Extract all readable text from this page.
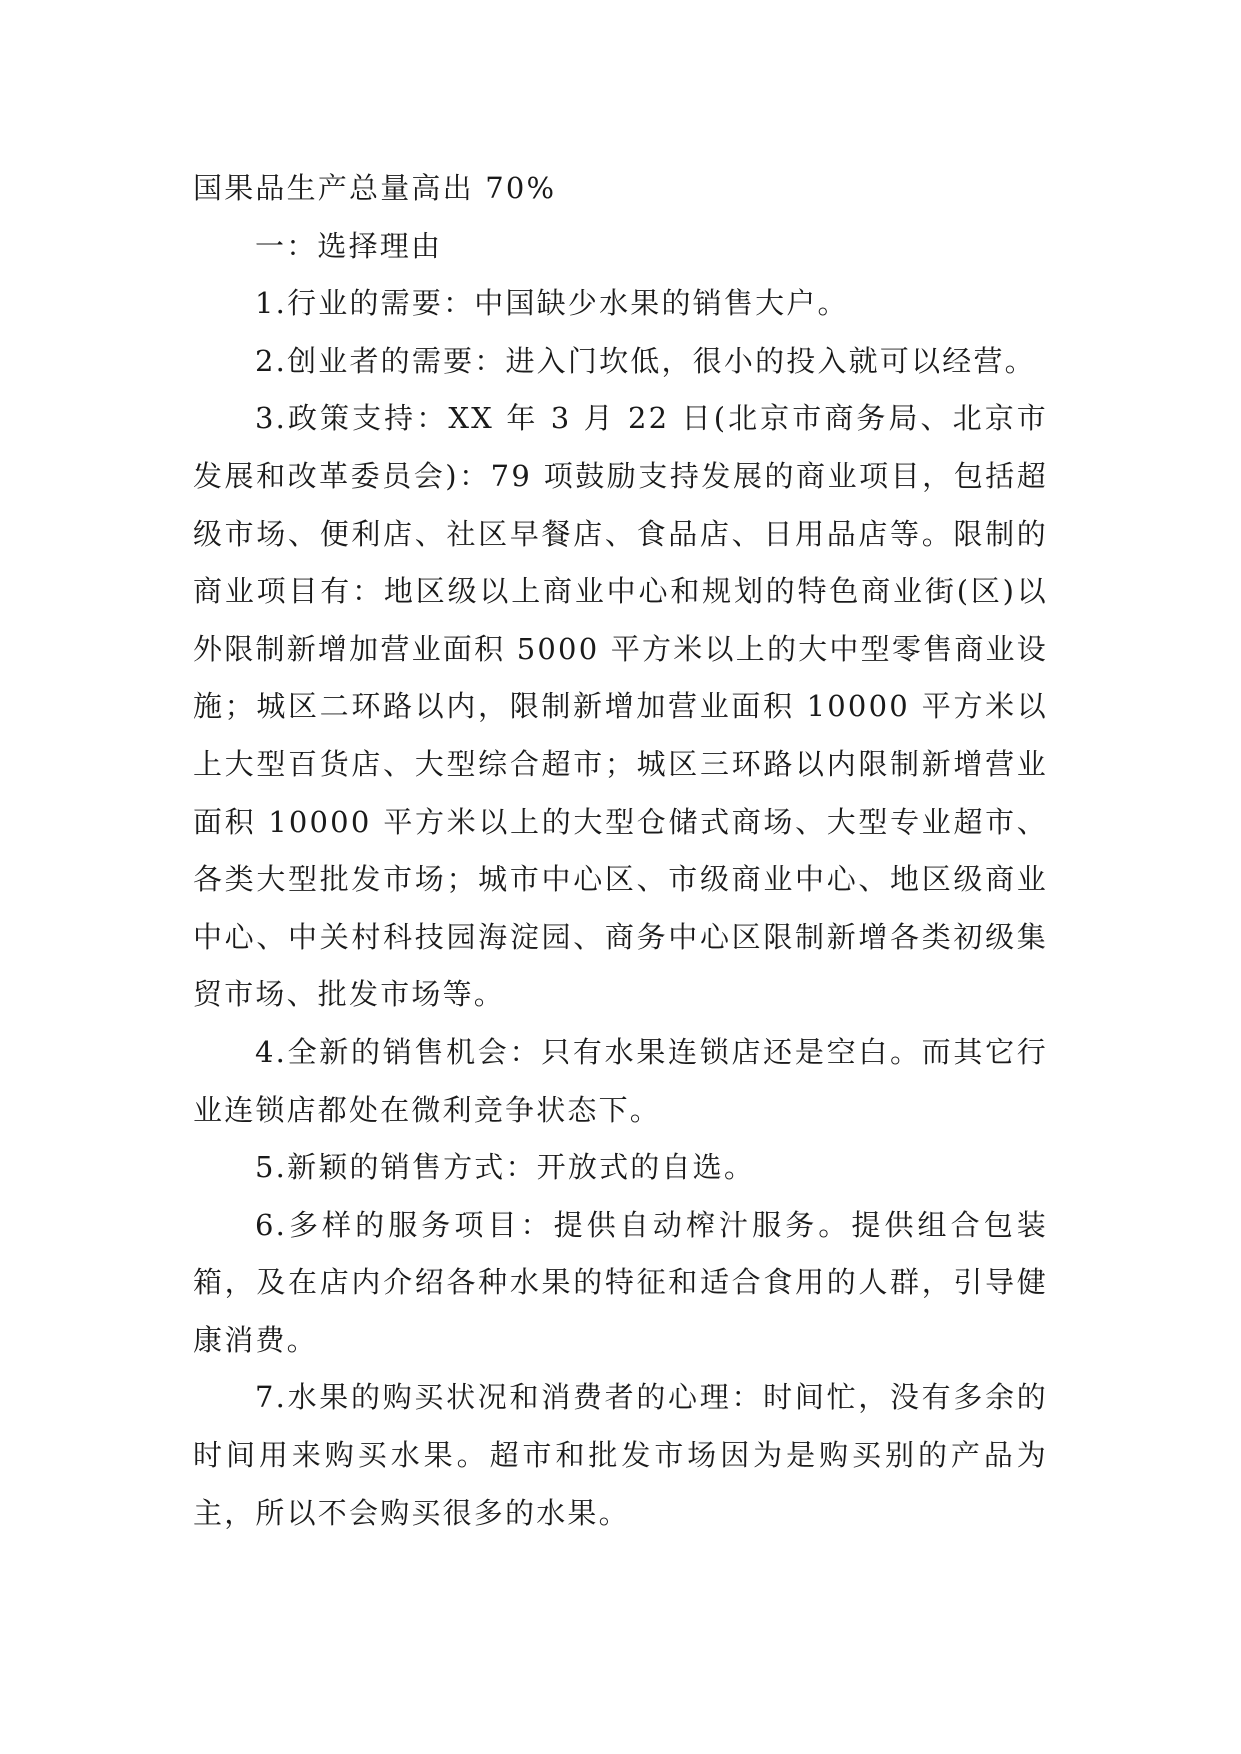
国果品生产总量高出 70%

一：选择理由

1.行业的需要：中国缺少水果的销售大户。

2.创业者的需要：进入门坎低，很小的投入就可以经营。

3.政策支持：XX 年 3 月 22 日(北京市商务局、北京市发展和改革委员会)：79 项鼓励支持发展的商业项目，包括超级市场、便利店、社区早餐店、食品店、日用品店等。限制的商业项目有：地区级以上商业中心和规划的特色商业街(区)以外限制新增加营业面积 5000 平方米以上的大中型零售商业设施；城区二环路以内，限制新增加营业面积 10000 平方米以上大型百货店、大型综合超市；城区三环路以内限制新增营业面积 10000 平方米以上的大型仓储式商场、大型专业超市、各类大型批发市场；城市中心区、市级商业中心、地区级商业中心、中关村科技园海淀园、商务中心区限制新增各类初级集贸市场、批发市场等。

4.全新的销售机会：只有水果连锁店还是空白。而其它行业连锁店都处在微利竞争状态下。

5.新颖的销售方式：开放式的自选。

6.多样的服务项目：提供自动榨汁服务。提供组合包装箱，及在店内介绍各种水果的特征和适合食用的人群，引导健康消费。

7.水果的购买状况和消费者的心理：时间忙，没有多余的时间用来购买水果。超市和批发市场因为是购买别的产品为主，所以不会购买很多的水果。
